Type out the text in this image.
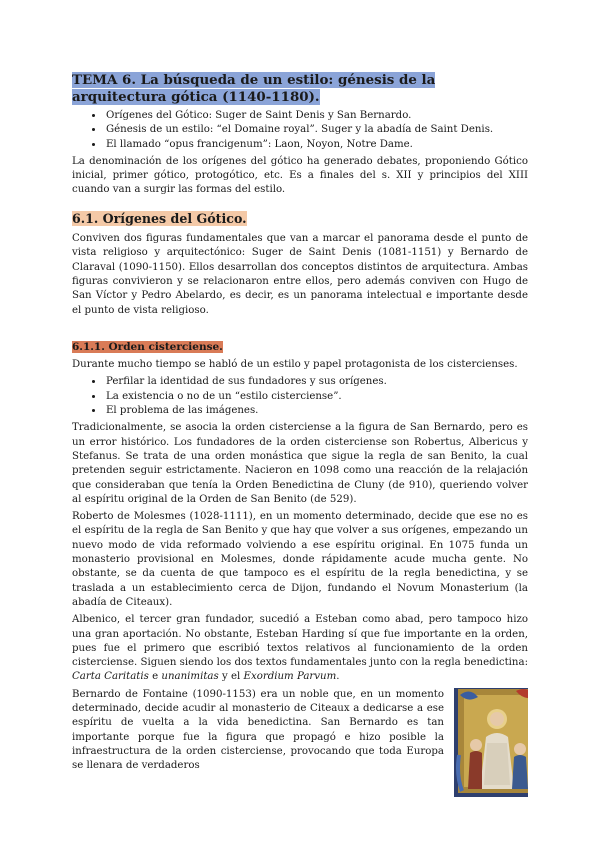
TEMA 6. La búsqueda de un estilo: génesis de la arquitectura gótica (1140-1180).
• Orígenes del Gótico: Suger de Saint Denis y San Bernardo.
• Génesis de un estilo: “el Domaine royal”. Suger y la abadía de Saint Denis.
• El llamado “opus francigenum”: Laon, Noyon, Notre Dame.

La denominación de los orígenes del gótico ha generado debates, proponiendo Gótico inicial, primer gótico, protogótico, etc. Es a finales del s. XII y principios del XIII cuando van a surgir las formas del estilo.

6.1. Orígenes del Gótico.

Conviven dos figuras fundamentales que van a marcar el panorama desde el punto de vista religioso y arquitectónico: Suger de Saint Denis (1081-1151) y Bernardo de Claraval (1090-1150). Ellos desarrollan dos conceptos distintos de arquitectura. Ambas figuras convivieron y se relacionaron entre ellos, pero además conviven con Hugo de San Víctor y Pedro Abelardo, es decir, es un panorama intelectual e importante desde el punto de vista religioso.

6.1.1. Orden cisterciense.

Durante mucho tiempo se habló de un estilo y papel protagonista de los cistercienses.

• Perfilar la identidad de sus fundadores y sus orígenes.
• La existencia o no de un “estilo cisterciense”.
• El problema de las imágenes.

Tradicionalmente, se asocia la orden cisterciense a la figura de San Bernardo, pero es un error histórico. Los fundadores de la orden cisterciense son Robertus, Albericus y Stefanus. Se trata de una orden monástica que sigue la regla de san Benito, la cual pretenden seguir estrictamente. Nacieron en 1098 como una reacción de la relajación que consideraban que tenía la Orden Benedictina de Cluny (de 910), queriendo volver al espíritu original de la Orden de San Benito (de 529).

Roberto de Molesmes (1028-1111), en un momento determinado, decide que ese no es el espíritu de la regla de San Benito y que hay que volver a sus orígenes, empezando un nuevo modo de vida reformado volviendo a ese espíritu original. En 1075 funda un monasterio provisional en Molesmes, donde rápidamente acude mucha gente. No obstante, se da cuenta de que tampoco es el espíritu de la regla benedictina, y se traslada a un establecimiento cerca de Dijon, fundando el Novum Monasterium (la abadía de Citeaux).

Albenico, el tercer gran fundador, sucedió a Esteban como abad, pero tampoco hizo una gran aportación. No obstante, Esteban Harding sí que fue importante en la orden, pues fue el primero que escribió textos relativos al funcionamiento de la orden cisterciense. Siguen siendo los dos textos fundamentales junto con la regla benedictina: Carta Caritatis e unanimitas y el Exordium Parvum.

Bernardo de Fontaine (1090-1153) era un noble que, en un momento determinado, decide acudir al monasterio de Citeaux a dedicarse a ese espíritu de vuelta a la vida benedictina. San Bernardo es tan importante porque fue la figura que propagó e hizo posible la infraestructura de la orden cisterciense, provocando que toda Europa se llenara de verdaderos
